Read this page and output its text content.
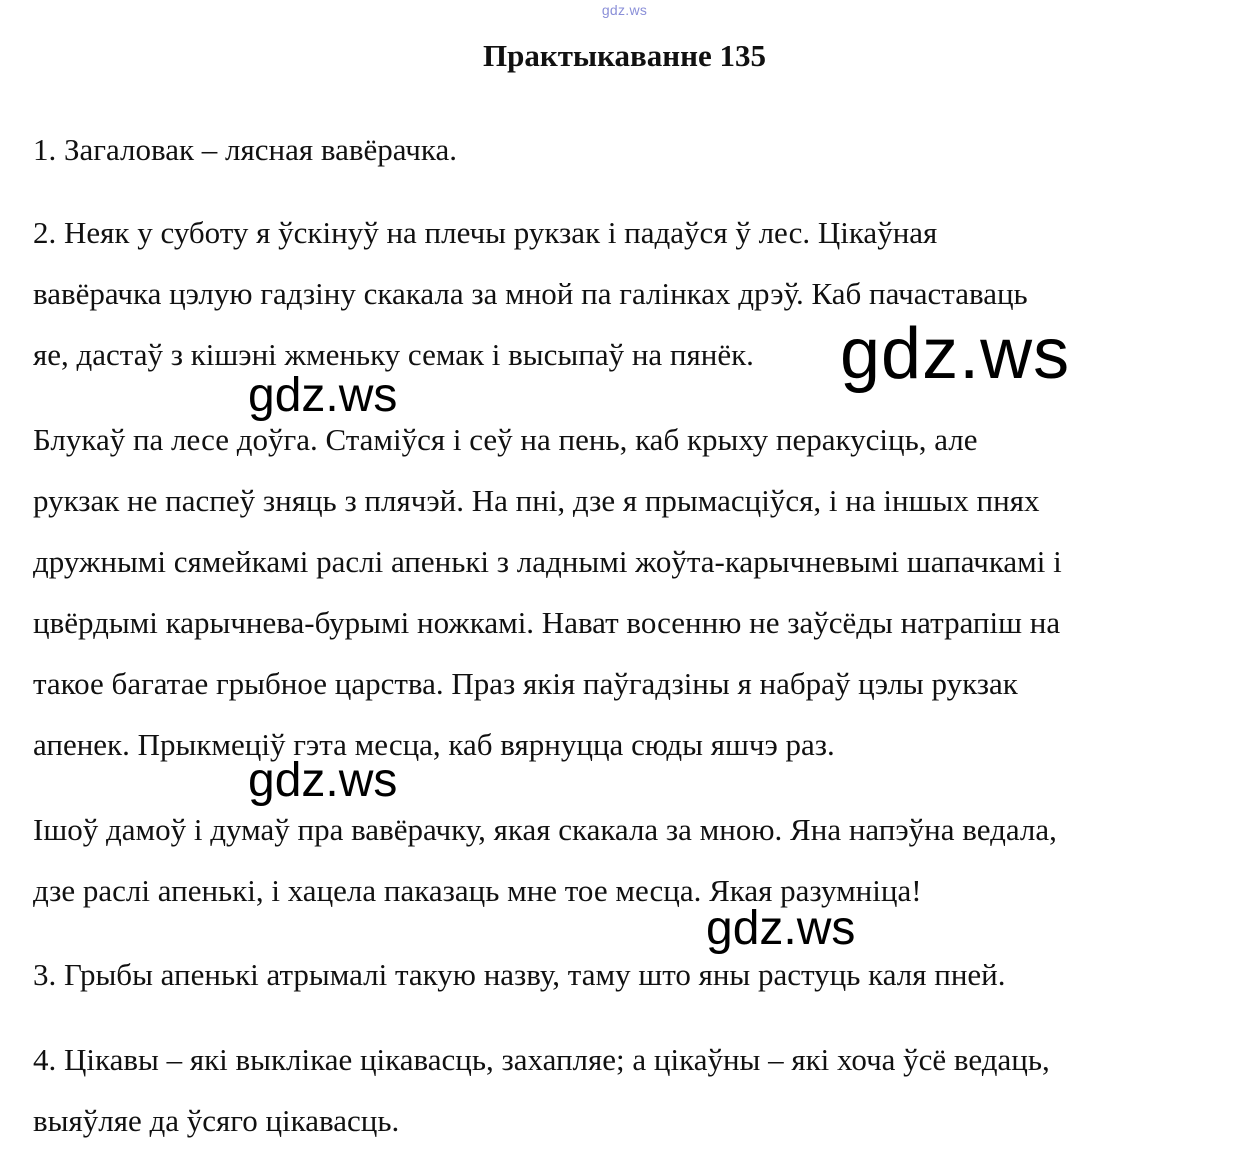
gdz.ws
Практыкаванне 135
1. Загаловак – лясная вавёрачка.
2. Неяк у суботу я ўскінуў на плечы рукзак і падаўся ў лес. Цікаўная
вавёрачка цэлую гадзіну скакала за мной па галінках дрэў. Каб пачаставаць
яе, дастаў з кішэні жменьку семак і высыпаў на пянёк.
Блукаў па лесе доўга. Стаміўся і сеў на пень, каб крыху перакусіць, але
рукзак не паспеў зняць з плячэй. На пні, дзе я прымасціўся, і на іншых пнях
дружнымі сямейкамі раслі апенькі з ладнымі жоўта-карычневымі шапачкамі і
цвёрдымі карычнева-бурымі ножкамі. Нават восенню не заўсёды натрапіш на
такое багатае грыбное царства. Праз якія паўгадзіны я набраў цэлы рукзак
апенек. Прыкмеціў гэта месца, каб вярнуцца сюды яшчэ раз.
Ішоў дамоў і думаў пра вавёрачку, якая скакала за мною. Яна напэўна ведала,
дзе раслі апенькі, і хацела паказаць мне тое месца. Якая разумніца!
3. Грыбы апенькі атрымалі такую назву, таму што яны растуць каля пней.
4. Цікавы – які выклікае цікавасць, захапляе; а цікаўны – які хоча ўсё ведаць,
выяўляе да ўсяго цікавасць.
gdz.ws
gdz.ws
gdz.ws
gdz.ws
